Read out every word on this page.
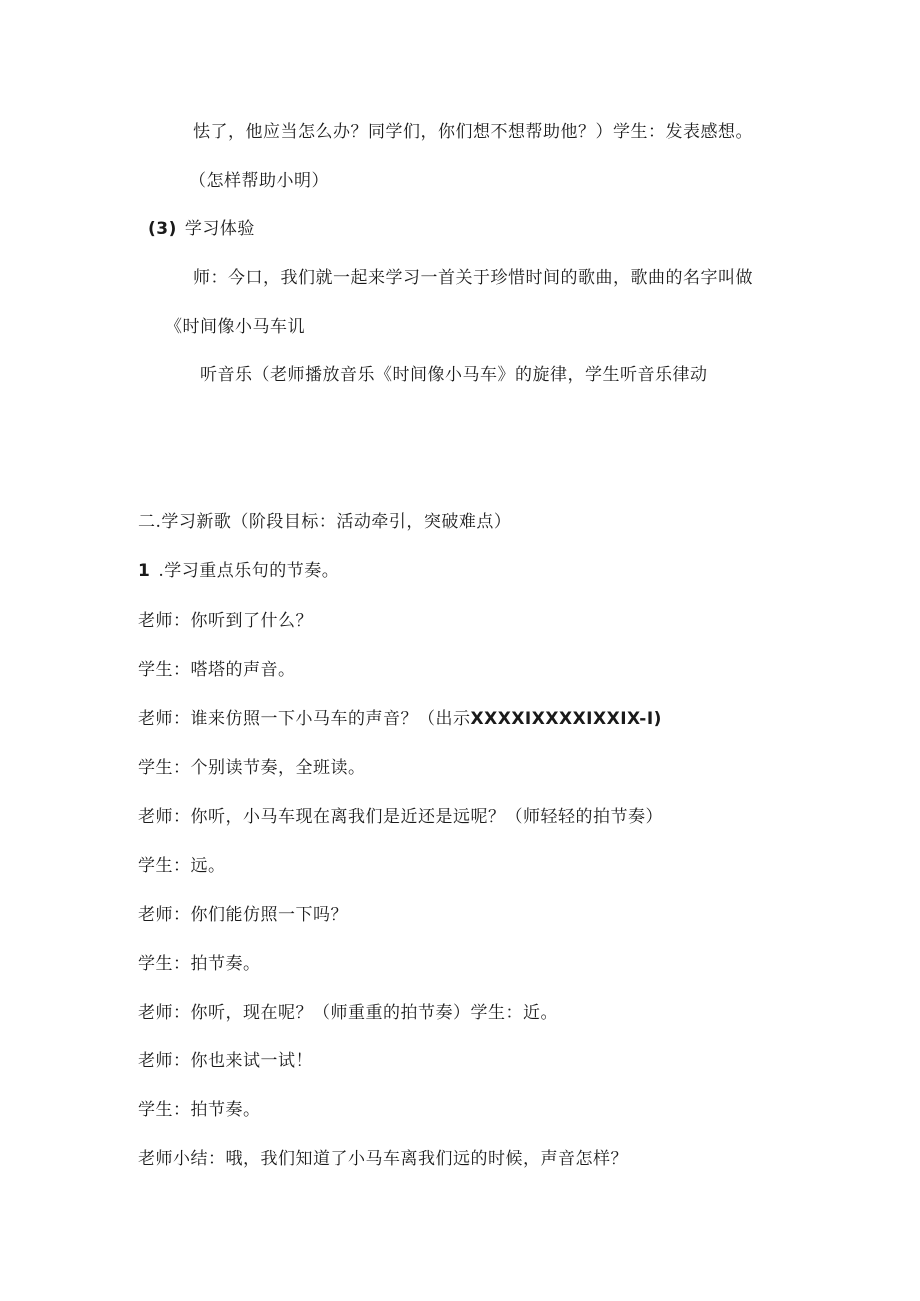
怯了，他应当怎么办？同学们，你们想不想帮助他？）学生：发表感想。
（怎样帮助小明）
(3) 学习体验
师：今口，我们就一起来学习一首关于珍惜时间的歌曲，歌曲的名字叫做
《时间像小马车讥
听音乐（老师播放音乐《时间像小马车》的旋律，学生听音乐律动
二.学习新歌（阶段目标：活动牵引，突破难点）
1 .学习重点乐句的节奏。
老师：你听到了什么？
学生：嗒塔的声音。
老师：谁来仿照一下小马车的声音？（出示XXXXIXXXXIXXIX-I)
学生：个别读节奏，全班读。
老师：你听，小马车现在离我们是近还是远呢？（师轻轻的拍节奏）
学生：远。
老师：你们能仿照一下吗？
学生：拍节奏。
老师：你听，现在呢？（师重重的拍节奏）学生：近。
老师：你也来试一试！
学生：拍节奏。
老师小结：哦，我们知道了小马车离我们远的时候，声音怎样？
